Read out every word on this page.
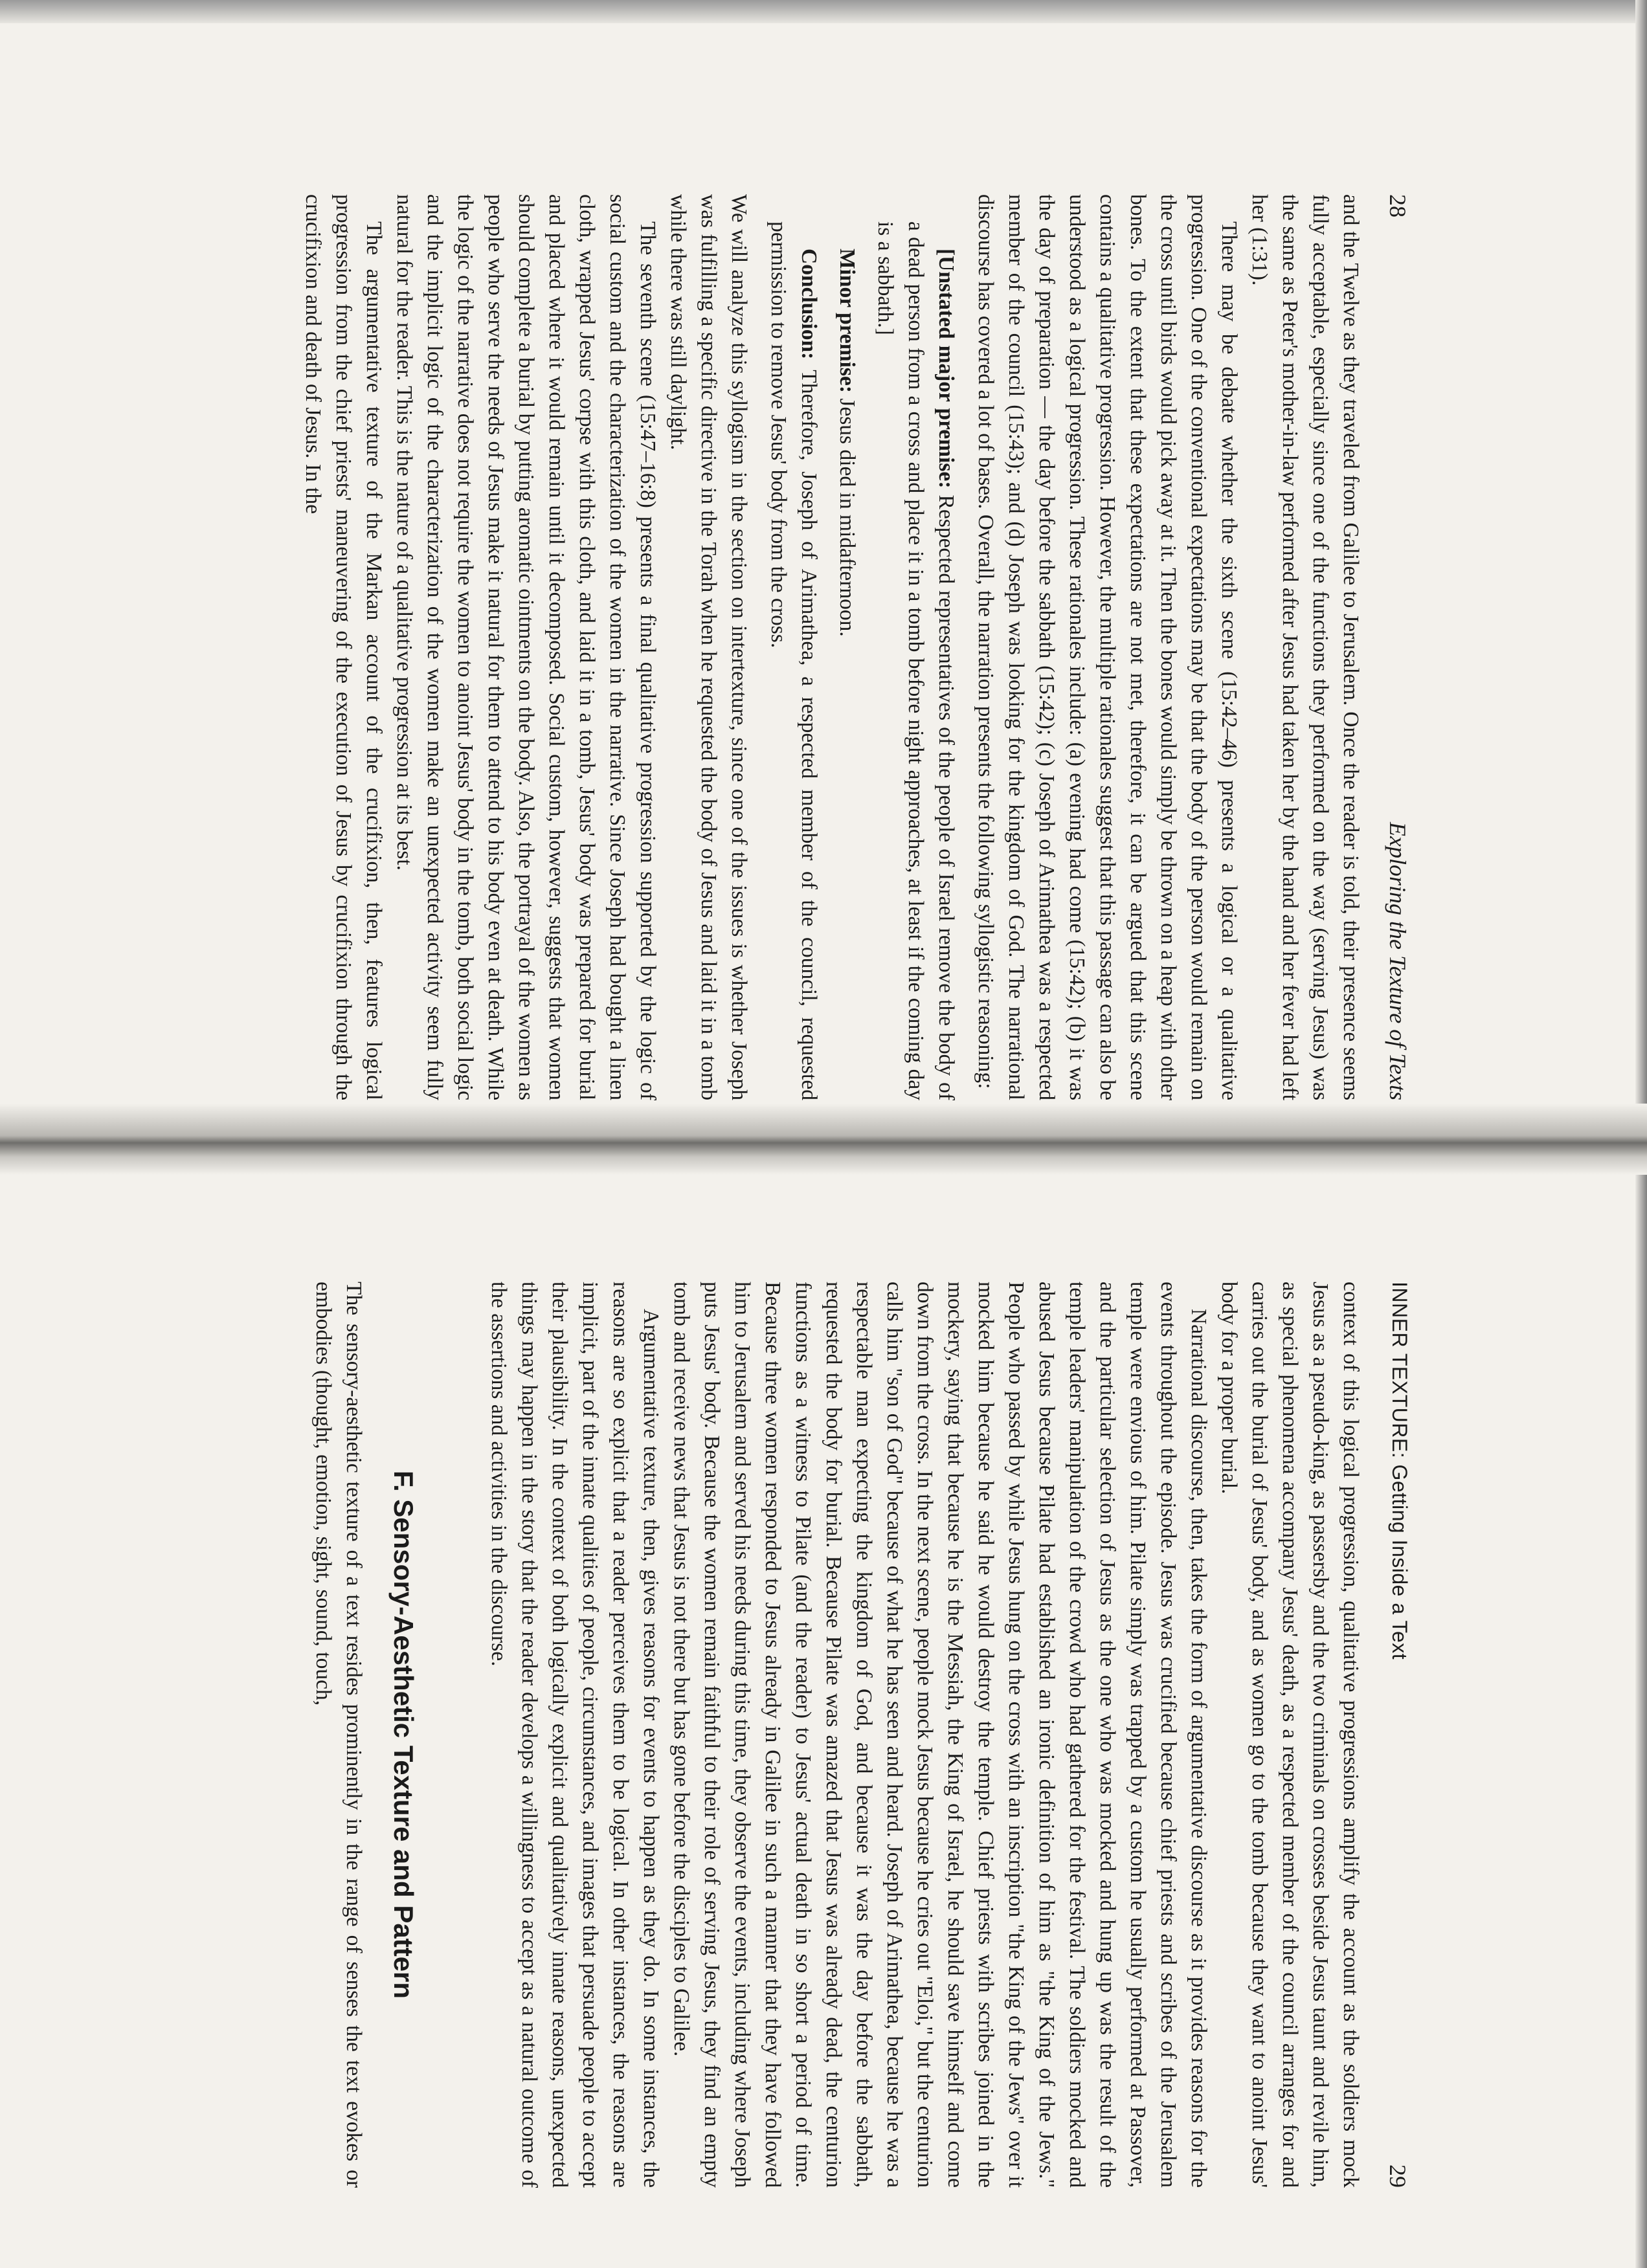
28
Exploring the Texture of Texts

and the Twelve as they traveled from Galilee to Jerusalem. Once the reader is told, their presence seems fully acceptable, especially since one of the functions they performed on the way (serving Jesus) was the same as Peter's mother-in-law performed after Jesus had taken her by the hand and her fever had left her (1:31).

There may be debate whether the sixth scene (15:42–46) presents a logical or a qualitative progression. One of the conventional expectations may be that the body of the person would remain on the cross until birds would pick away at it. Then the bones would simply be thrown on a heap with other bones. To the extent that these expectations are not met, therefore, it can be argued that this scene contains a qualitative progression. However, the multiple rationales suggest that this passage can also be understood as a logical progression. These rationales include: (a) evening had come (15:42); (b) it was the day of preparation — the day before the sabbath (15:42); (c) Joseph of Arimathea was a respected member of the council (15:43); and (d) Joseph was looking for the kingdom of God. The narrational discourse has covered a lot of bases. Overall, the narration presents the following syllogistic reasoning:

[Unstated major premise: Respected representatives of the people of Israel remove the body of a dead person from a cross and place it in a tomb before night approaches, at least if the coming day is a sabbath.]

Minor premise: Jesus died in midafternoon.

Conclusion: Therefore, Joseph of Arimathea, a respected member of the council, requested permission to remove Jesus' body from the cross.

We will analyze this syllogism in the section on intertexture, since one of the issues is whether Joseph was fulfilling a specific directive in the Torah when he requested the body of Jesus and laid it in a tomb while there was still daylight.

The seventh scene (15:47–16:8) presents a final qualitative progression supported by the logic of social custom and the characterization of the women in the narrative. Since Joseph had bought a linen cloth, wrapped Jesus' corpse with this cloth, and laid it in a tomb, Jesus' body was prepared for burial and placed where it would remain until it decomposed. Social custom, however, suggests that women should complete a burial by putting aromatic ointments on the body. Also, the portrayal of the women as people who serve the needs of Jesus make it natural for them to attend to his body even at death. While the logic of the narrative does not require the women to anoint Jesus' body in the tomb, both social logic and the implicit logic of the characterization of the women make an unexpected activity seem fully natural for the reader. This is the nature of a qualitative progression at its best.

The argumentative texture of the Markan account of the crucifixion, then, features logical progression from the chief priests' maneuvering of the execution of Jesus by crucifixion through the crucifixion and death of Jesus. In the

INNER TEXTURE: Getting Inside a Text
29

context of this logical progression, qualitative progressions amplify the account as the soldiers mock Jesus as a pseudo-king, as passersby and the two criminals on crosses beside Jesus taunt and revile him, as special phenomena accompany Jesus' death, as a respected member of the council arranges for and carries out the burial of Jesus' body, and as women go to the tomb because they want to anoint Jesus' body for a proper burial.

Narrational discourse, then, takes the form of argumentative discourse as it provides reasons for the events throughout the episode. Jesus was crucified because chief priests and scribes of the Jerusalem temple were envious of him. Pilate simply was trapped by a custom he usually performed at Passover, and the particular selection of Jesus as the one who was mocked and hung up was the result of the temple leaders' manipulation of the crowd who had gathered for the festival. The soldiers mocked and abused Jesus because Pilate had established an ironic definition of him as "the King of the Jews." People who passed by while Jesus hung on the cross with an inscription "the King of the Jews" over it mocked him because he said he would destroy the temple. Chief priests with scribes joined in the mockery, saying that because he is the Messiah, the King of Israel, he should save himself and come down from the cross. In the next scene, people mock Jesus because he cries out "Eloi," but the centurion calls him "son of God" because of what he has seen and heard. Joseph of Arimathea, because he was a respectable man expecting the kingdom of God, and because it was the day before the sabbath, requested the body for burial. Because Pilate was amazed that Jesus was already dead, the centurion functions as a witness to Pilate (and the reader) to Jesus' actual death in so short a period of time. Because three women responded to Jesus already in Galilee in such a manner that they have followed him to Jerusalem and served his needs during this time, they observe the events, including where Joseph puts Jesus' body. Because the women remain faithful to their role of serving Jesus, they find an empty tomb and receive news that Jesus is not there but has gone before the disciples to Galilee.

Argumentative texture, then, gives reasons for events to happen as they do. In some instances, the reasons are so explicit that a reader perceives them to be logical. In other instances, the reasons are implicit, part of the innate qualities of people, circumstances, and images that persuade people to accept their plausibility. In the context of both logically explicit and qualitatively innate reasons, unexpected things may happen in the story that the reader develops a willingness to accept as a natural outcome of the assertions and activities in the discourse.

F. Sensory-Aesthetic Texture and Pattern

The sensory-aesthetic texture of a text resides prominently in the range of senses the text evokes or embodies (thought, emotion, sight, sound, touch,
